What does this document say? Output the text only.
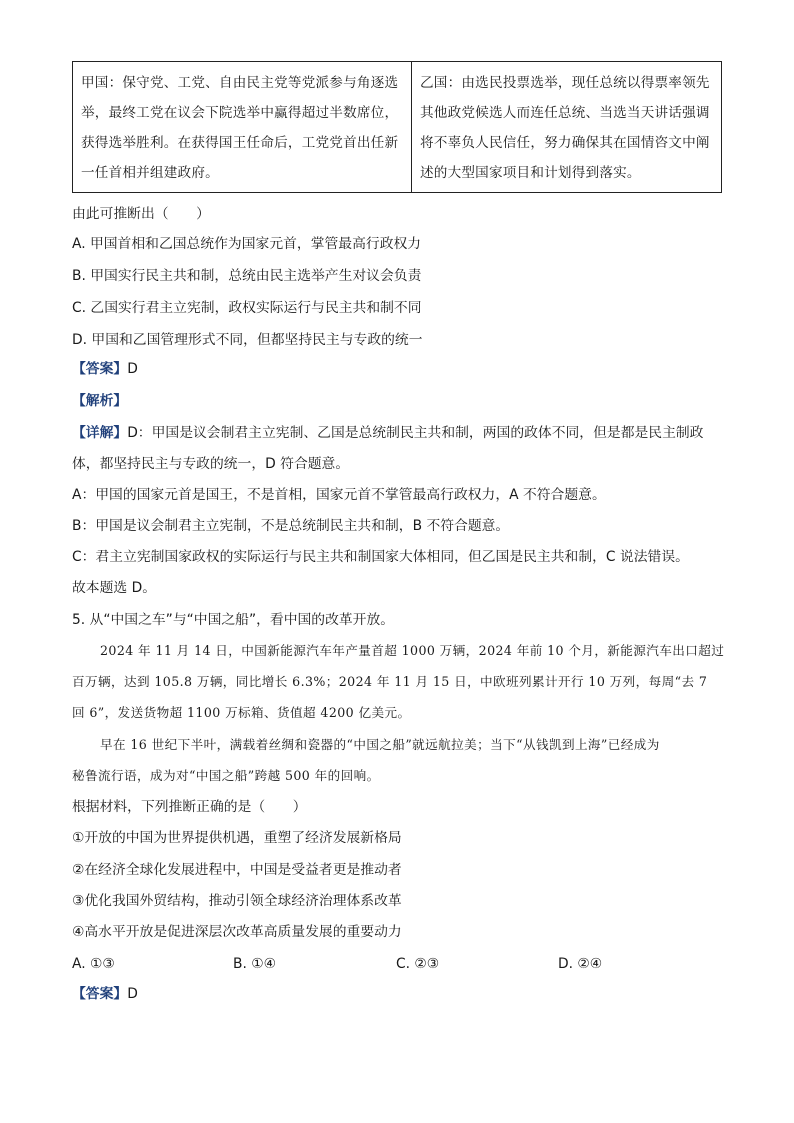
甲国：保守党、工党、自由民主党等党派参与角逐选举，最终工党在议会下院选举中赢得超过半数席位，获得选举胜利。在获得国王任命后，工党党首出任新一任首相并组建政府。	乙国：由选民投票选举，现任总统以得票率领先其他政党候选人而连任总统、当选当天讲话强调将不辜负人民信任，努力确保其在国情咨文中阐述的大型国家项目和计划得到落实。
由此可推断出（　　）
A. 甲国首相和乙国总统作为国家元首，掌管最高行政权力
B. 甲国实行民主共和制，总统由民主选举产生对议会负责
C. 乙国实行君主立宪制，政权实际运行与民主共和制不同
D. 甲国和乙国管理形式不同，但都坚持民主与专政的统一
【答案】D
【解析】
【详解】D：甲国是议会制君主立宪制、乙国是总统制民主共和制，两国的政体不同，但是都是民主制政
体，都坚持民主与专政的统一，D 符合题意。
A：甲国的国家元首是国王，不是首相，国家元首不掌管最高行政权力，A 不符合题意。
B：甲国是议会制君主立宪制，不是总统制民主共和制，B 不符合题意。
C：君主立宪制国家政权的实际运行与民主共和制国家大体相同，但乙国是民主共和制，C 说法错误。
故本题选 D。
5. 从“中国之车”与“中国之船”，看中国的改革开放。
2024 年 11 月 14 日，中国新能源汽车年产量首超 1000 万辆，2024 年前 10 个月，新能源汽车出口超过
百万辆，达到 105.8 万辆，同比增长 6.3%；2024 年 11 月 15 日，中欧班列累计开行 10 万列，每周“去 7
回 6”，发送货物超 1100 万标箱、货值超 4200 亿美元。
早在 16 世纪下半叶，满载着丝绸和瓷器的“中国之船”就远航拉美；当下“从钱凯到上海”已经成为
秘鲁流行语，成为对“中国之船”跨越 500 年的回响。
根据材料，下列推断正确的是（　　）
①开放的中国为世界提供机遇，重塑了经济发展新格局
②在经济全球化发展进程中，中国是受益者更是推动者
③优化我国外贸结构，推动引领全球经济治理体系改革
④高水平开放是促进深层次改革高质量发展的重要动力
A. ①③	B. ①④	C. ②③	D. ②④
【答案】D
